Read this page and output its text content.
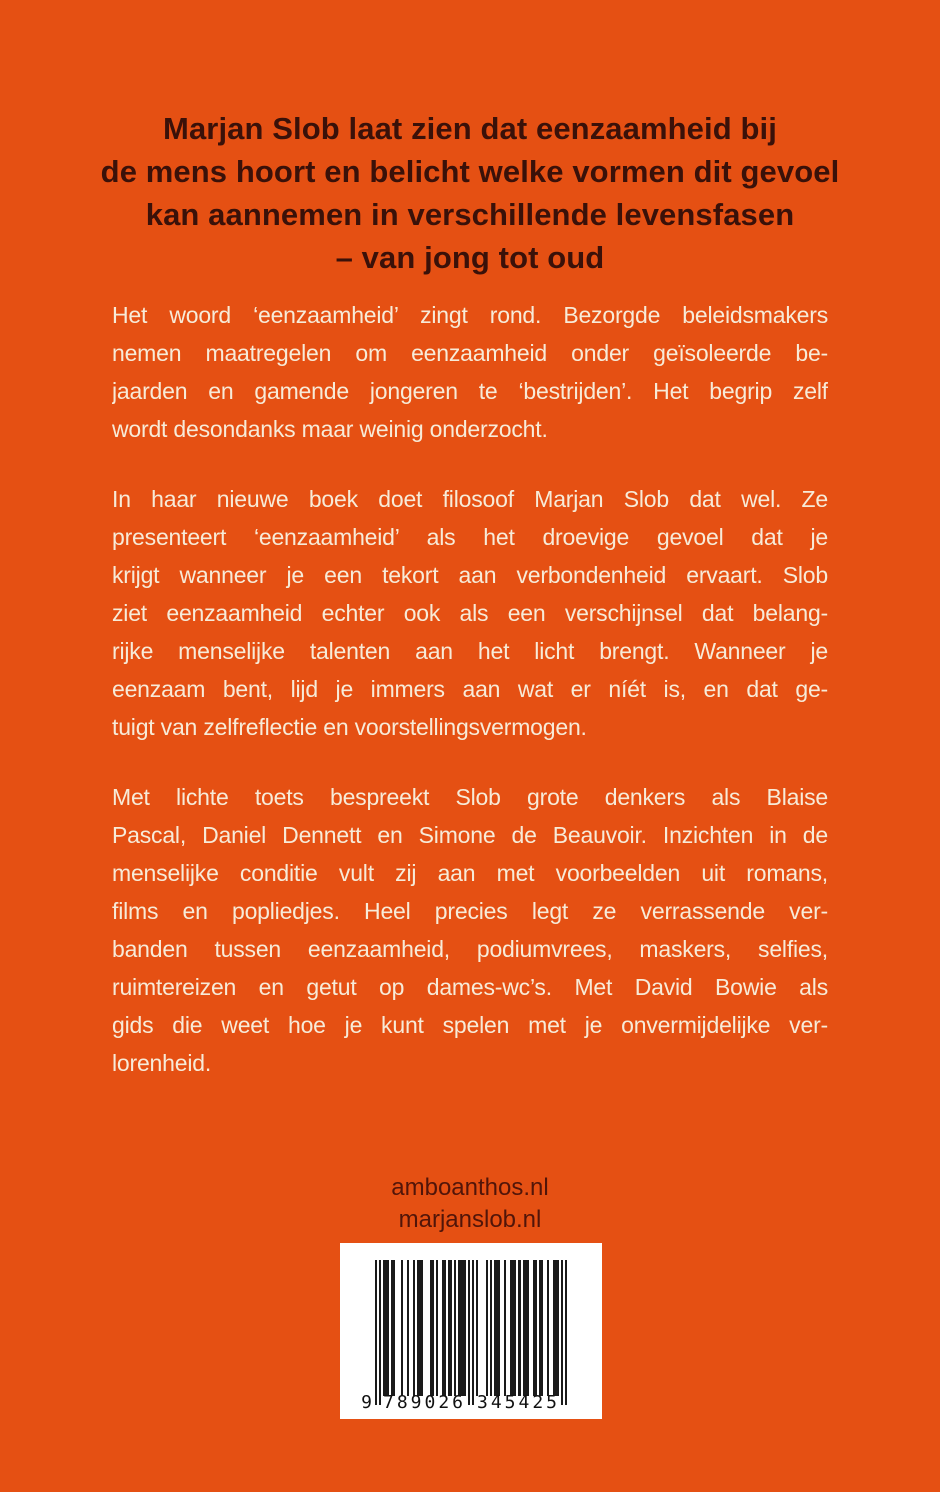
Marjan Slob laat zien dat eenzaamheid bij
de mens hoort en belicht welke vormen dit gevoel
kan aannemen in verschillende levensfasen
– van jong tot oud
Het woord ‘eenzaamheid’ zingt rond. Bezorgde beleidsmakers
nemen maatregelen om eenzaamheid onder geïsoleerde be-
jaarden en gamende jongeren te ‘bestrijden’. Het begrip zelf
wordt desondanks maar weinig onderzocht.
In haar nieuwe boek doet filosoof Marjan Slob dat wel. Ze
presenteert ‘eenzaamheid’ als het droevige gevoel dat je
krijgt wanneer je een tekort aan verbondenheid ervaart. Slob
ziet eenzaamheid echter ook als een verschijnsel dat belang-
rijke menselijke talenten aan het licht brengt. Wanneer je
eenzaam bent, lijd je immers aan wat er níét is, en dat ge-
tuigt van zelfreflectie en voorstellingsvermogen.
Met lichte toets bespreekt Slob grote denkers als Blaise
Pascal, Daniel Dennett en Simone de Beauvoir. Inzichten in de
menselijke conditie vult zij aan met voorbeelden uit romans,
films en popliedjes. Heel precies legt ze verrassende ver-
banden tussen eenzaamheid, podiumvrees, maskers, selfies,
ruimtereizen en getut op dames-wc’s. Met David Bowie als
gids die weet hoe je kunt spelen met je onvermijdelijke ver-
lorenheid.
amboanthos.nl
marjanslob.nl
9 7 8 9 0 2 6 3 4 5 4 2 5
